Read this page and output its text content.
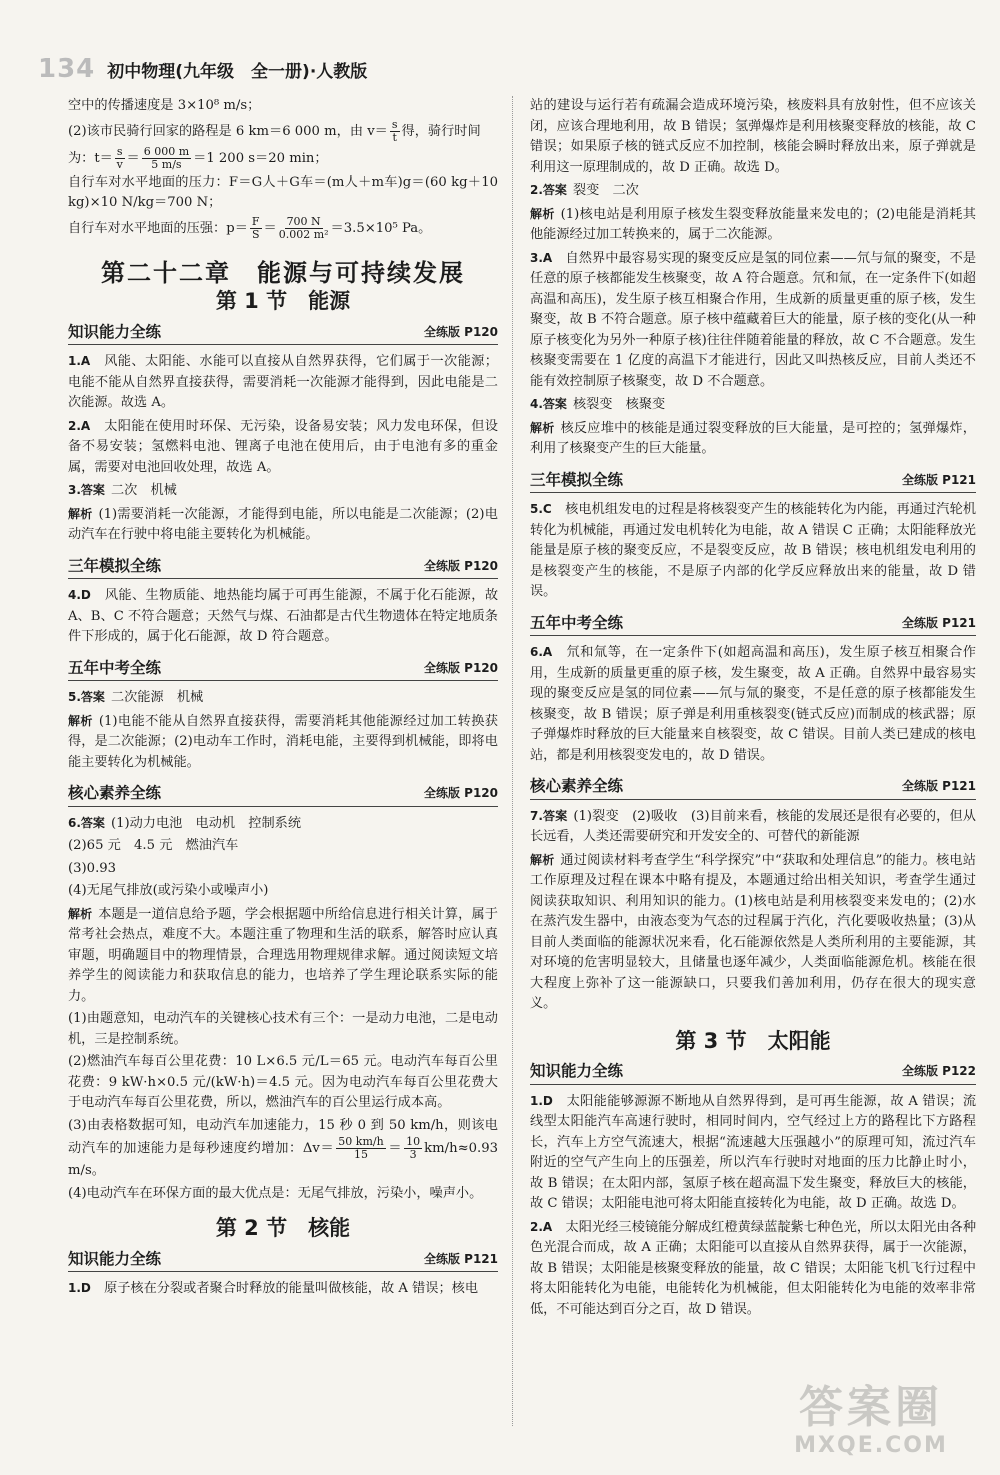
134 初中物理(九年级　全一册)·人教版

空中的传播速度是 3×10⁸ m/s；

(2)该市民骑行回家的路程是 6 km＝6 000 m，由 $v= \frac{s}{t}$ 得，骑行时间

为：$t= \frac{s}{v} = \frac{6 000 m}{5 m/s} =1$ 200 s＝20 min；

自行车对水平地面的压力：F＝G人＋G车＝(m人＋m车)g＝(60 kg＋10 kg)×10 N/kg＝700 N；

自行车对水平地面的压强：$p= \frac{F}{S} = \frac{700 N}{\text{0.002 m²}} =3.5\times 10^5$ Pa。

第二十二章　能源与可持续发展
第 1 节　能源
知识能力全练	全练版 P120

1.A　 风能、太阳能、水能可以直接从自然界获得，它们属于一次能源；电能不能从自然界直接获得，需要消耗一次能源才能得到，因此电能是二次能源。故选 A。

2.A　 太阳能在使用时环保、无污染，设备易安装；风力发电环保，但设备不易安装；氢燃料电池、锂离子电池在使用后，由于电池有多的重金属，需要对电池回收处理，故选 A。

3.答案 二次　机械

解析 (1)需要消耗一次能源，才能得到电能，所以电能是二次能源；(2)电动汽车在行驶中将电能主要转化为机械能。

三年模拟全练	全练版 P120

4.D　 风能、生物质能、地热能均属于可再生能源，不属于化石能源，故 A、B、C 不符合题意；天然气与煤、石油都是古代生物遗体在特定地质条件下形成的，属于化石能源，故 D 符合题意。

五年中考全练	全练版 P120

5.答案 二次能源　机械

解析 (1)电能不能从自然界直接获得，需要消耗其他能源经过加工转换获得，是二次能源；(2)电动车工作时，消耗电能，主要得到机械能，即将电能主要转化为机械能。

核心素养全练	全练版 P120

6.答案 (1)动力电池　电动机　控制系统

(2)65 元　4.5 元　燃油汽车

(3)0.93

(4)无尾气排放(或污染小或噪声小)

解析 本题是一道信息给予题，学会根据题中所给信息进行相关计算，属于常考社会热点，难度不大。本题注重了物理和生活的联系，解答时应认真审题，明确题目中的物理情景，合理选用物理规律求解。通过阅读短文培养学生的阅读能力和获取信息的能力，也培养了学生理论联系实际的能力。

(1)由题意知，电动汽车的关键核心技术有三个：一是动力电池，二是电动机，三是控制系统。

(2)燃油汽车每百公里花费：10 L×6.5 元/L＝65 元。电动汽车每百公里花费：9 kW·h×0.5 元/(kW·h)＝4.5 元。因为电动汽车每百公里花费大于电动汽车每百公里花费，所以，燃油汽车的百公里运行成本高。

(3)由表格数据可知，电动汽车加速能力，15 秒 0 到 50 km/h，则该电动汽车的加速能力是每秒速度约增加：$\Delta v= \frac{50 km/h}{15} = \frac{10}{3} km/h\approx 0.93$ m/s。

(4)电动汽车在环保方面的最大优点是：无尾气排放，污染小，噪声小。

第 2 节　核能
知识能力全练	全练版 P121

1.D　 原子核在分裂或者聚合时释放的能量叫做核能，故 A 错误；核电

站的建设与运行若有疏漏会造成环境污染，核废料具有放射性，但不应该关闭，应该合理地利用，故 B 错误；氢弹爆炸是利用核聚变释放的核能，故 C 错误；如果原子核的链式反应不加控制，核能会瞬时释放出来，原子弹就是利用这一原理制成的，故 D 正确。故选 D。

2.答案 裂变　二次

解析 (1)核电站是利用原子核发生裂变释放能量来发电的；(2)电能是消耗其他能源经过加工转换来的，属于二次能源。

3.A　 自然界中最容易实现的聚变反应是氢的同位素——氘与氚的聚变，不是任意的原子核都能发生核聚变，故 A 符合题意。氘和氚，在一定条件下(如超高温和高压)，发生原子核互相聚合作用，生成新的质量更重的原子核，发生聚变，故 B 不符合题意。原子核中蕴藏着巨大的能量，原子核的变化(从一种原子核变化为另外一种原子核)往往伴随着能量的释放，故 C 不合题意。发生核聚变需要在 1 亿度的高温下才能进行，因此又叫热核反应，目前人类还不能有效控制原子核聚变，故 D 不合题意。

4.答案 核裂变　核聚变

解析 核反应堆中的核能是通过裂变释放的巨大能量，是可控的；氢弹爆炸，利用了核聚变产生的巨大能量。

三年模拟全练	全练版 P121

5.C　 核电机组发电的过程是将核裂变产生的核能转化为内能，再通过汽轮机转化为机械能，再通过发电机转化为电能，故 A 错误 C 正确；太阳能释放光能量是原子核的聚变反应，不是裂变反应，故 B 错误；核电机组发电利用的是核裂变产生的核能，不是原子内部的化学反应释放出来的能量，故 D 错误。

五年中考全练	全练版 P121

6.A　 氘和氚等，在一定条件下(如超高温和高压)，发生原子核互相聚合作用，生成新的质量更重的原子核，发生聚变，故 A 正确。自然界中最容易实现的聚变反应是氢的同位素——氘与氚的聚变，不是任意的原子核都能发生核聚变，故 B 错误；原子弹是利用重核裂变(链式反应)而制成的核武器；原子弹爆炸时释放的巨大能量来自核裂变，故 C 错误。目前人类已建成的核电站，都是利用核裂变发电的，故 D 错误。

核心素养全练	全练版 P121

7.答案 (1)裂变　(2)吸收　(3)目前来看，核能的发展还是很有必要的，但从长远看，人类还需要研究和开发安全的、可替代的新能源

解析 通过阅读材料考查学生“科学探究”中“获取和处理信息”的能力。核电站工作原理及过程在课本中略有提及，本题通过给出相关知识，考查学生通过阅读获取知识、利用知识的能力。(1)核电站是利用核裂变来发电的；(2)水在蒸汽发生器中，由液态变为气态的过程属于汽化，汽化要吸收热量；(3)从目前人类面临的能源状况来看，化石能源依然是人类所利用的主要能源，其对环境的危害明显较大，且储量也逐年减少，人类面临能源危机。核能在很大程度上弥补了这一能源缺口，只要我们善加利用，仍存在很大的现实意义。

第 3 节　太阳能
知识能力全练	全练版 P122

1.D　 太阳能能够源源不断地从自然界得到，是可再生能源，故 A 错误；流线型太阳能汽车高速行驶时，相同时间内，空气经过上方的路程比下方路程长，汽车上方空气流速大，根据“流速越大压强越小”的原理可知，流过汽车附近的空气产生向上的压强差，所以汽车行驶时对地面的压力比静止时小，故 B 错误；在太阳内部，氢原子核在超高温下发生聚变，释放巨大的核能，故 C 错误；太阳能电池可将太阳能直接转化为电能，故 D 正确。故选 D。

2.A　 太阳光经三棱镜能分解成红橙黄绿蓝靛紫七种色光，所以太阳光由各种色光混合而成，故 A 正确；太阳能可以直接从自然界获得，属于一次能源，故 B 错误；太阳能是核聚变释放的能量，故 C 错误；太阳能飞机飞行过程中将太阳能转化为电能，电能转化为机械能，但太阳能转化为电能的效率非常低，不可能达到百分之百，故 D 错误。

答案圈
MXQE.COM
